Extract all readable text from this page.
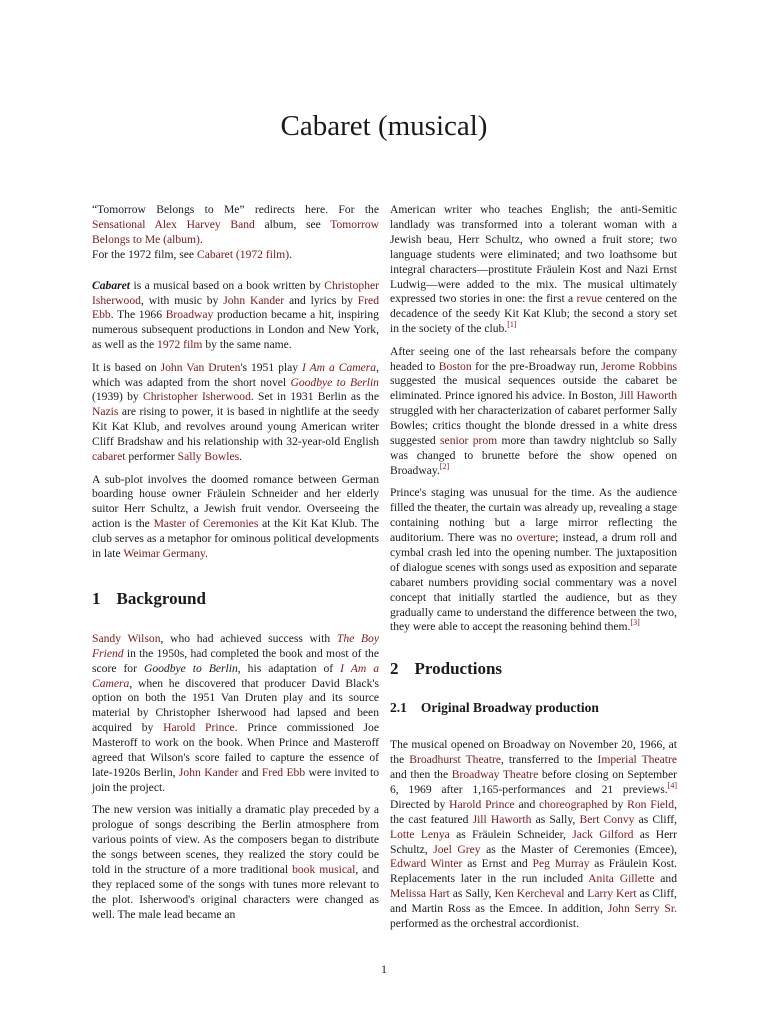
Cabaret (musical)
“Tomorrow Belongs to Me” redirects here. For the Sensational Alex Harvey Band album, see Tomorrow Belongs to Me (album).
For the 1972 film, see Cabaret (1972 film).

Cabaret is a musical based on a book written by Christopher Isherwood, with music by John Kander and lyrics by Fred Ebb. The 1966 Broadway production became a hit, inspiring numerous subsequent productions in London and New York, as well as the 1972 film by the same name.

It is based on John Van Druten's 1951 play I Am a Camera, which was adapted from the short novel Goodbye to Berlin (1939) by Christopher Isherwood. Set in 1931 Berlin as the Nazis are rising to power, it is based in nightlife at the seedy Kit Kat Klub, and revolves around young American writer Cliff Bradshaw and his relationship with 32-year-old English cabaret performer Sally Bowles.

A sub-plot involves the doomed romance between German boarding house owner Fräulein Schneider and her elderly suitor Herr Schultz, a Jewish fruit vendor. Overseeing the action is the Master of Ceremonies at the Kit Kat Klub. The club serves as a metaphor for ominous political developments in late Weimar Germany.

1 Background

Sandy Wilson, who had achieved success with The Boy Friend in the 1950s, had completed the book and most of the score for Goodbye to Berlin, his adaptation of I Am a Camera, when he discovered that producer David Black's option on both the 1951 Van Druten play and its source material by Christopher Isherwood had lapsed and been acquired by Harold Prince. Prince commissioned Joe Masteroff to work on the book. When Prince and Masteroff agreed that Wilson's score failed to capture the essence of late-1920s Berlin, John Kander and Fred Ebb were invited to join the project.

The new version was initially a dramatic play preceded by a prologue of songs describing the Berlin atmosphere from various points of view. As the composers began to distribute the songs between scenes, they realized the story could be told in the structure of a more traditional book musical, and they replaced some of the songs with tunes more relevant to the plot. Isherwood's original characters were changed as well. The male lead became an

American writer who teaches English; the anti-Semitic landlady was transformed into a tolerant woman with a Jewish beau, Herr Schultz, who owned a fruit store; two language students were eliminated; and two loathsome but integral characters—prostitute Fräulein Kost and Nazi Ernst Ludwig—were added to the mix. The musical ultimately expressed two stories in one: the first a revue centered on the decadence of the seedy Kit Kat Klub; the second a story set in the society of the club.[1]

After seeing one of the last rehearsals before the company headed to Boston for the pre-Broadway run, Jerome Robbins suggested the musical sequences outside the cabaret be eliminated. Prince ignored his advice. In Boston, Jill Haworth struggled with her characterization of cabaret performer Sally Bowles; critics thought the blonde dressed in a white dress suggested senior prom more than tawdry nightclub so Sally was changed to brunette before the show opened on Broadway.[2]

Prince's staging was unusual for the time. As the audience filled the theater, the curtain was already up, revealing a stage containing nothing but a large mirror reflecting the auditorium. There was no overture; instead, a drum roll and cymbal crash led into the opening number. The juxtaposition of dialogue scenes with songs used as exposition and separate cabaret numbers providing social commentary was a novel concept that initially startled the audience, but as they gradually came to understand the difference between the two, they were able to accept the reasoning behind them.[3]

2 Productions
2.1 Original Broadway production

The musical opened on Broadway on November 20, 1966, at the Broadhurst Theatre, transferred to the Imperial Theatre and then the Broadway Theatre before closing on September 6, 1969 after 1,165-performances and 21 previews.[4] Directed by Harold Prince and choreographed by Ron Field, the cast featured Jill Haworth as Sally, Bert Convy as Cliff, Lotte Lenya as Fräulein Schneider, Jack Gilford as Herr Schultz, Joel Grey as the Master of Ceremonies (Emcee), Edward Winter as Ernst and Peg Murray as Fräulein Kost. Replacements later in the run included Anita Gillette and Melissa Hart as Sally, Ken Kercheval and Larry Kert as Cliff, and Martin Ross as the Emcee. In addition, John Serry Sr. performed as the orchestral accordionist.

1
